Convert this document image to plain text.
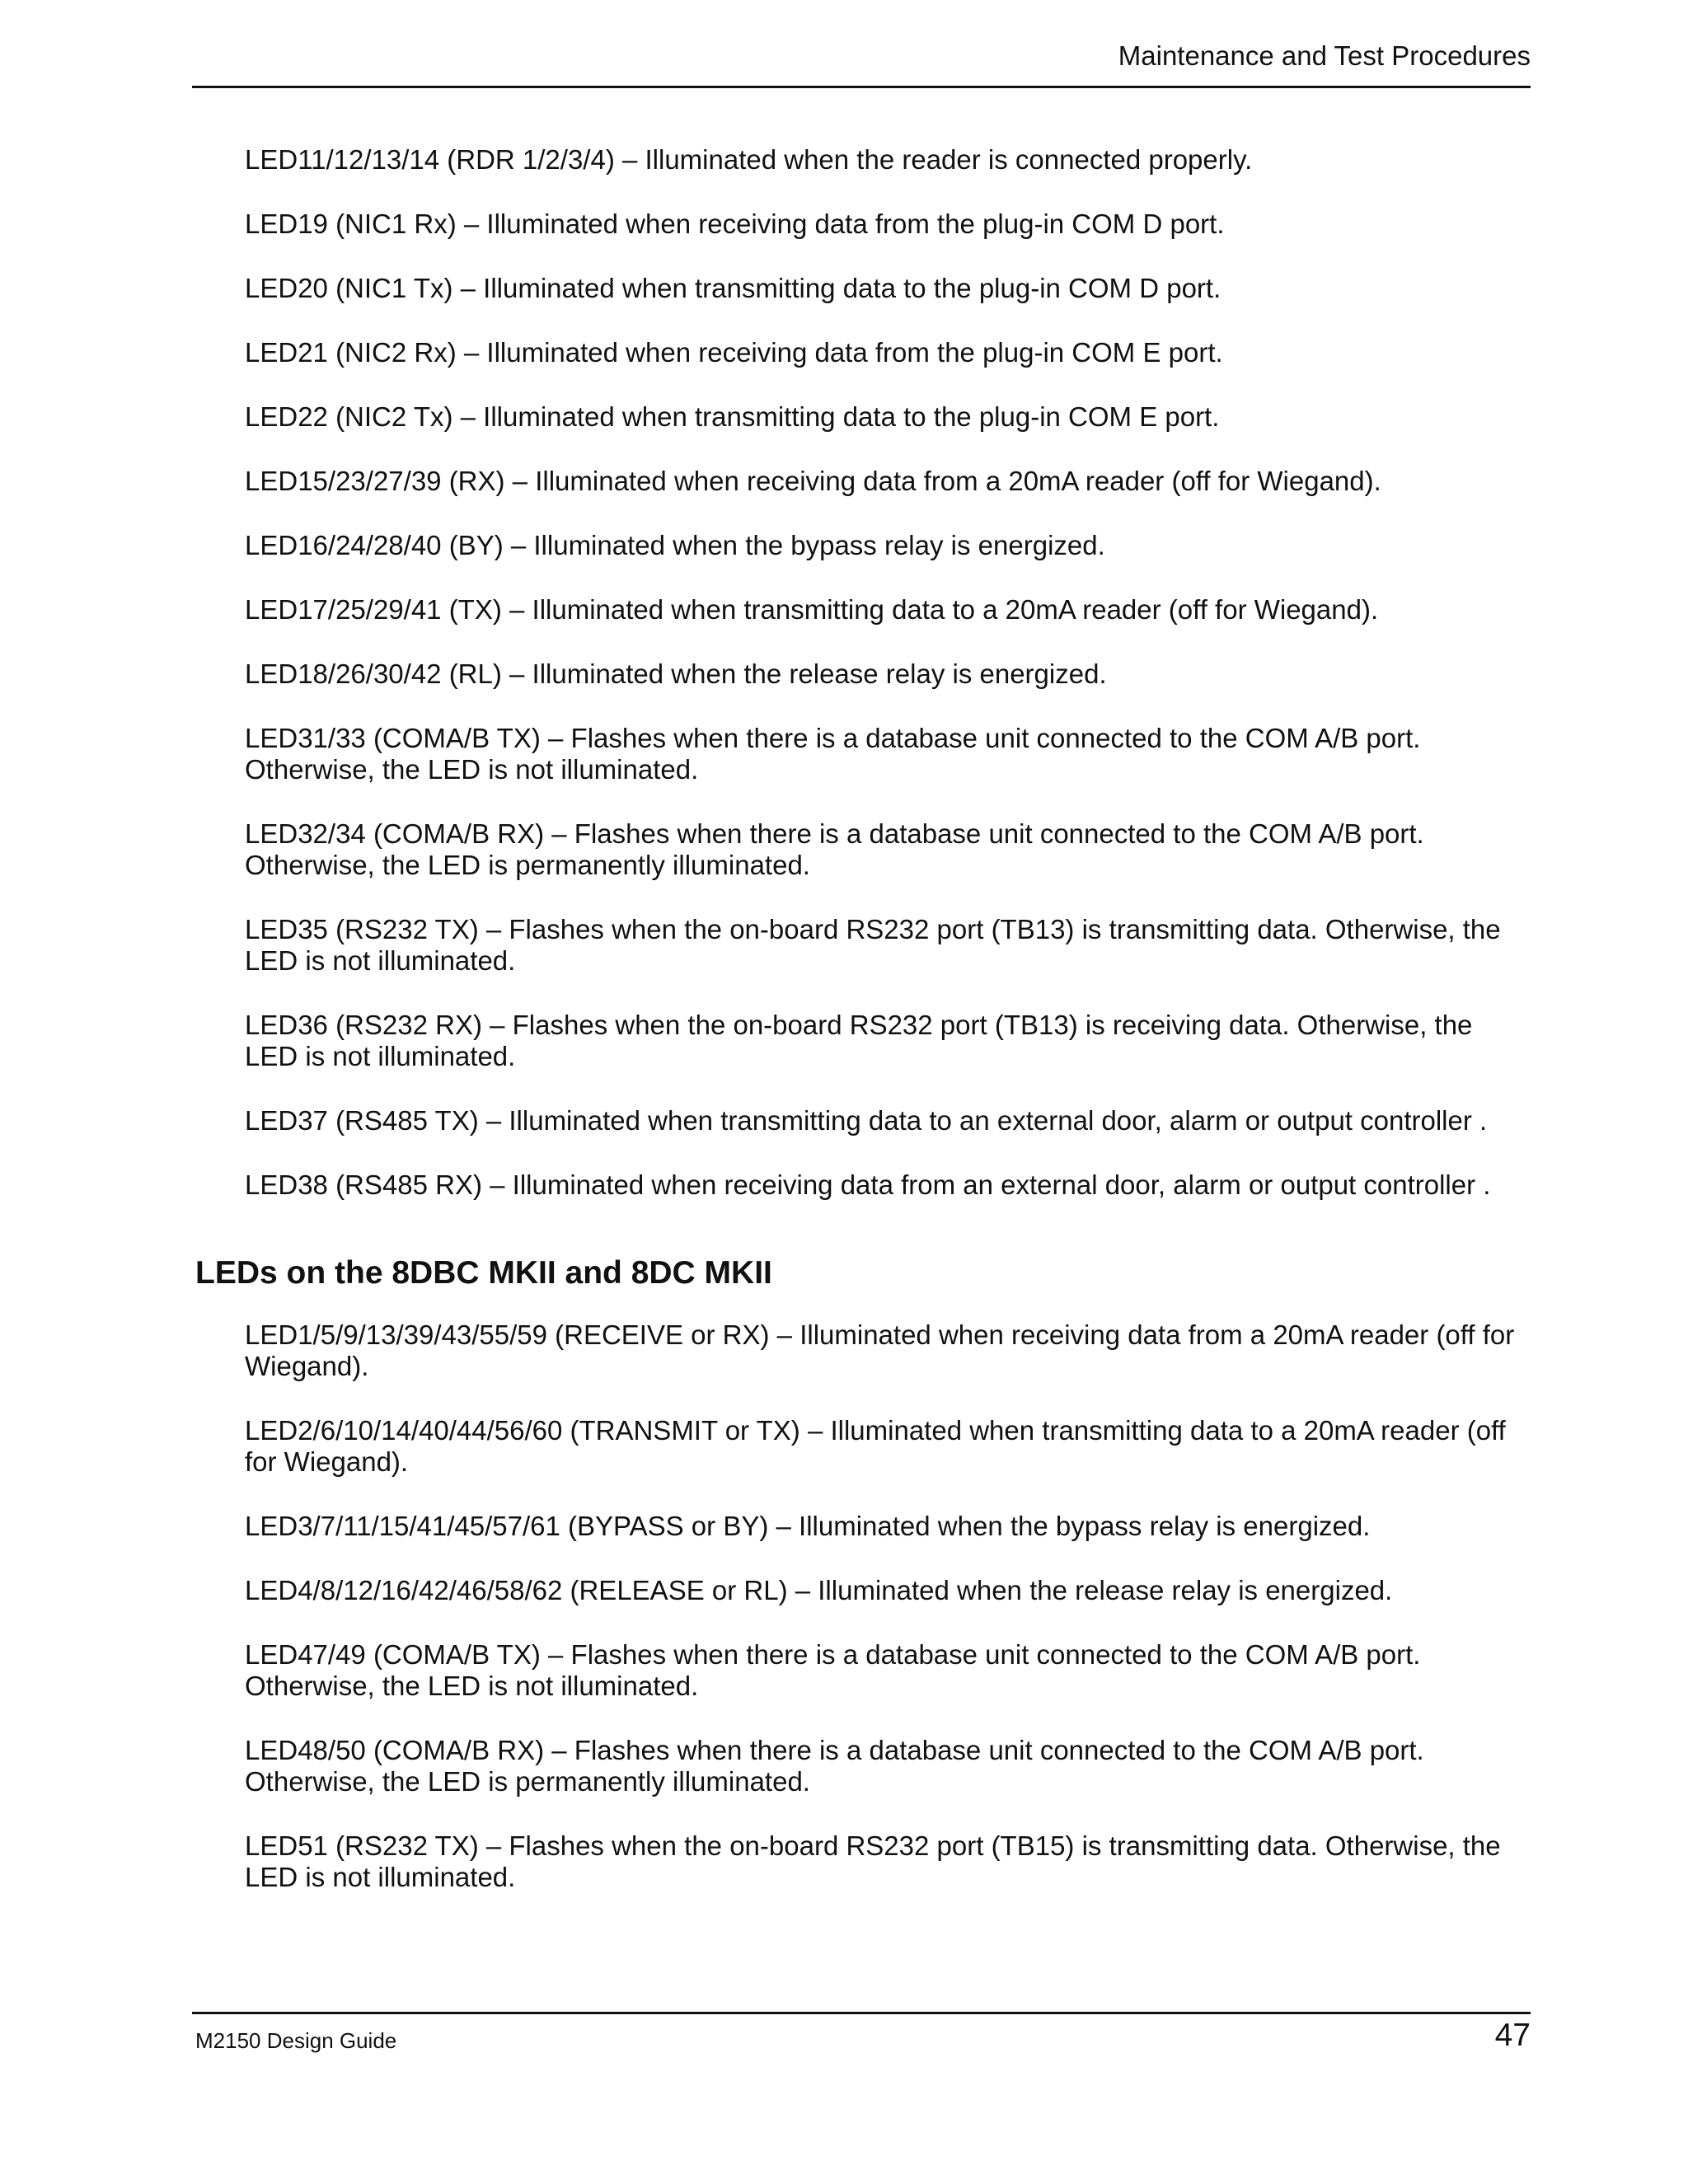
Maintenance and Test Procedures

LED11/12/13/14 (RDR 1/2/3/4) – Illuminated when the reader is connected properly.

LED19 (NIC1 Rx) – Illuminated when receiving data from the plug-in COM D port.

LED20 (NIC1 Tx) – Illuminated when transmitting data to the plug-in COM D port.

LED21 (NIC2 Rx) – Illuminated when receiving data from the plug-in COM E port.

LED22 (NIC2 Tx) – Illuminated when transmitting data to the plug-in COM E port.

LED15/23/27/39 (RX) – Illuminated when receiving data from a 20mA reader (off for Wiegand).

LED16/24/28/40 (BY) – Illuminated when the bypass relay is energized.

LED17/25/29/41 (TX) – Illuminated when transmitting data to a 20mA reader (off for Wiegand).

LED18/26/30/42 (RL) – Illuminated when the release relay is energized.

LED31/33 (COMA/B TX) – Flashes when there is a database unit connected to the COM A/B port. Otherwise, the LED is not illuminated.

LED32/34 (COMA/B RX) – Flashes when there is a database unit connected to the COM A/B port. Otherwise, the LED is permanently illuminated.

LED35 (RS232 TX) – Flashes when the on-board RS232 port (TB13) is transmitting data. Otherwise, the LED is not illuminated.

LED36 (RS232 RX) – Flashes when the on-board RS232 port (TB13) is receiving data. Otherwise, the LED is not illuminated.

LED37 (RS485 TX) – Illuminated when transmitting data to an external door, alarm or output controller .

LED38 (RS485 RX) – Illuminated when receiving data from an external door, alarm or output controller .

LEDs on the 8DBC MKII and 8DC MKII

LED1/5/9/13/39/43/55/59 (RECEIVE or RX) – Illuminated when receiving data from a 20mA reader (off for Wiegand).

LED2/6/10/14/40/44/56/60 (TRANSMIT or TX) – Illuminated when transmitting data to a 20mA reader (off for Wiegand).

LED3/7/11/15/41/45/57/61 (BYPASS or BY) – Illuminated when the bypass relay is energized.

LED4/8/12/16/42/46/58/62 (RELEASE or RL) – Illuminated when the release relay is energized.

LED47/49 (COMA/B TX) – Flashes when there is a database unit connected to the COM A/B port. Otherwise, the LED is not illuminated.

LED48/50 (COMA/B RX) – Flashes when there is a database unit connected to the COM A/B port. Otherwise, the LED is permanently illuminated.

LED51 (RS232 TX) – Flashes when the on-board RS232 port (TB15) is transmitting data. Otherwise, the LED is not illuminated.

M2150 Design Guide	47
